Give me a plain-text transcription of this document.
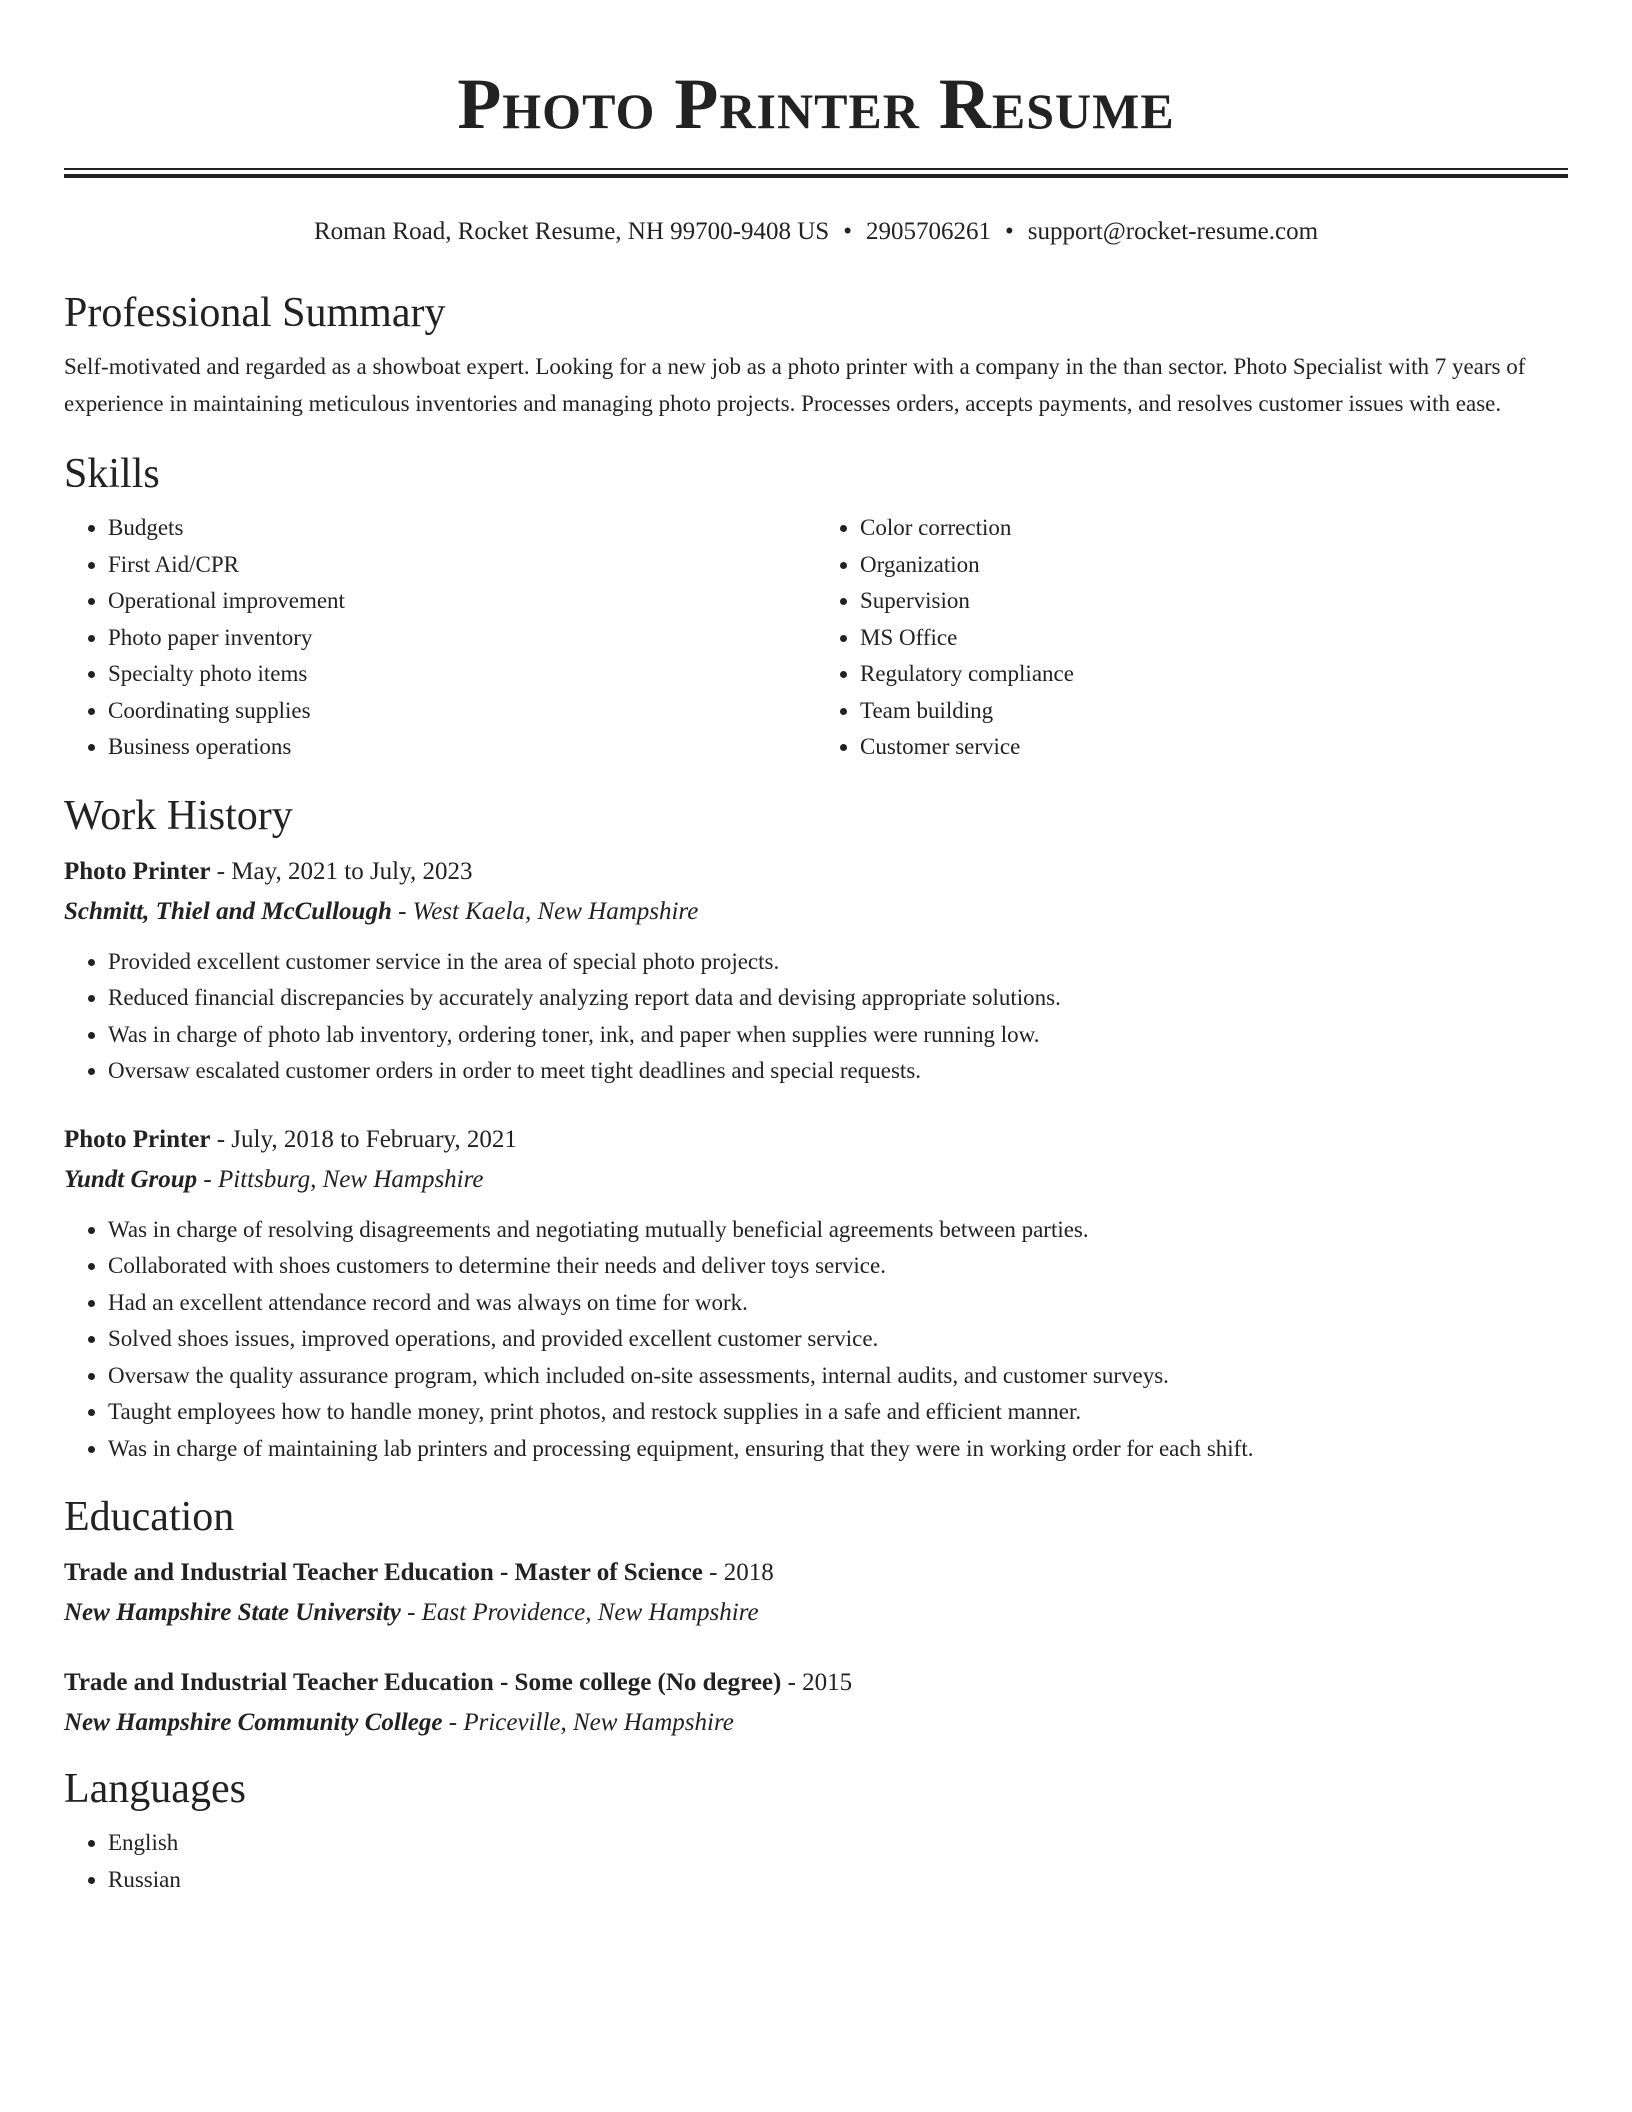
Photo Printer Resume
Roman Road, Rocket Resume, NH 99700-9408 US • 2905706261 • support@rocket-resume.com
Professional Summary

Self-motivated and regarded as a showboat expert. Looking for a new job as a photo printer with a company in the than sector. Photo Specialist with 7 years of experience in maintaining meticulous inventories and managing photo projects. Processes orders, accepts payments, and resolves customer issues with ease.

Skills
• Budgets
• First Aid/CPR
• Operational improvement
• Photo paper inventory
• Specialty photo items
• Coordinating supplies
• Business operations
• Color correction
• Organization
• Supervision
• MS Office
• Regulatory compliance
• Team building
• Customer service
Work History
Photo Printer - May, 2021 to July, 2023
Schmitt, Thiel and McCullough - West Kaela, New Hampshire
• Provided excellent customer service in the area of special photo projects.
• Reduced financial discrepancies by accurately analyzing report data and devising appropriate solutions.
• Was in charge of photo lab inventory, ordering toner, ink, and paper when supplies were running low.
• Oversaw escalated customer orders in order to meet tight deadlines and special requests.
Photo Printer - July, 2018 to February, 2021
Yundt Group - Pittsburg, New Hampshire
• Was in charge of resolving disagreements and negotiating mutually beneficial agreements between parties.
• Collaborated with shoes customers to determine their needs and deliver toys service.
• Had an excellent attendance record and was always on time for work.
• Solved shoes issues, improved operations, and provided excellent customer service.
• Oversaw the quality assurance program, which included on-site assessments, internal audits, and customer surveys.
• Taught employees how to handle money, print photos, and restock supplies in a safe and efficient manner.
• Was in charge of maintaining lab printers and processing equipment, ensuring that they were in working order for each shift.
Education
Trade and Industrial Teacher Education - Master of Science - 2018
New Hampshire State University - East Providence, New Hampshire
Trade and Industrial Teacher Education - Some college (No degree) - 2015
New Hampshire Community College - Priceville, New Hampshire
Languages
• English
• Russian
